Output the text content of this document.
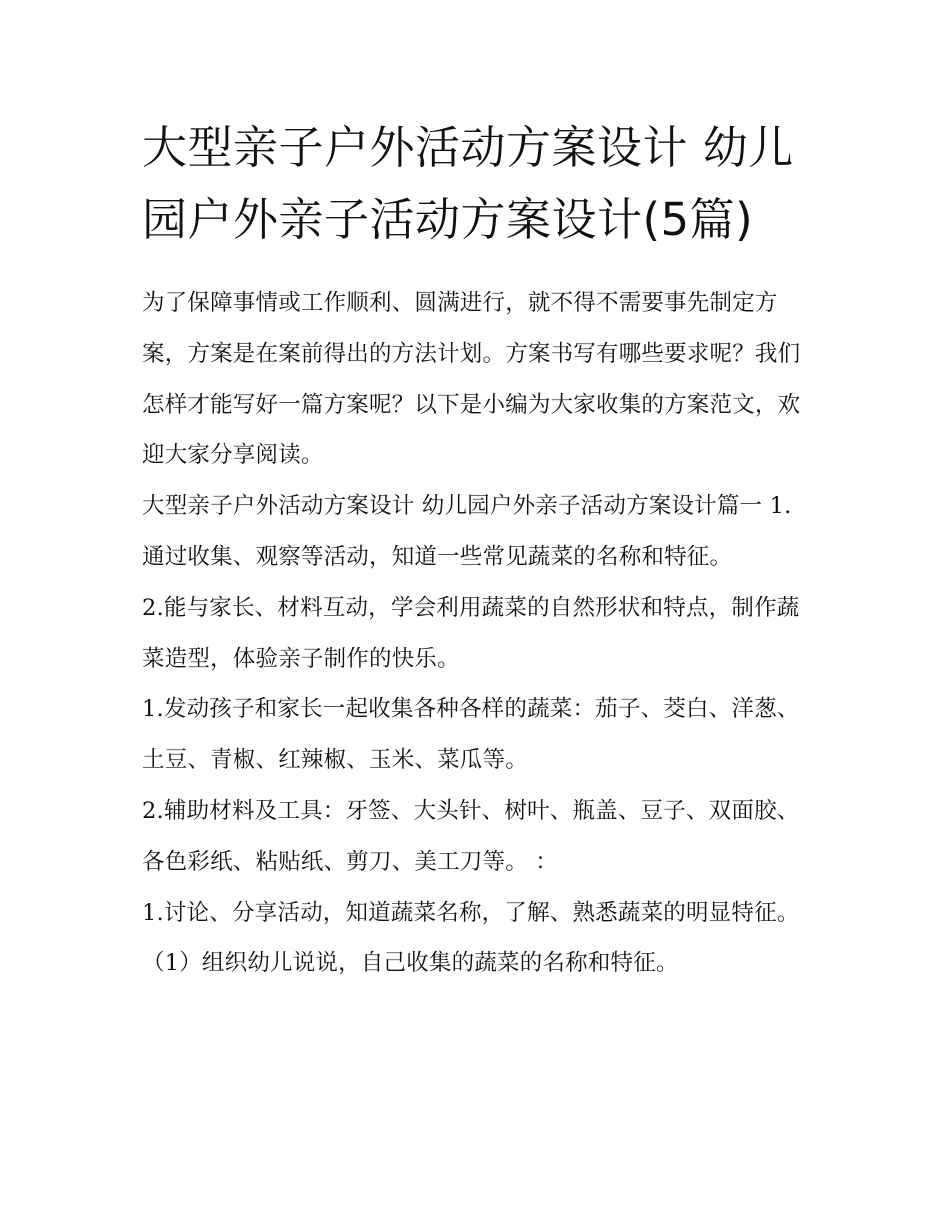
大型亲子户外活动方案设计 幼儿园户外亲子活动方案设计(5篇)

为了保障事情或工作顺利、圆满进行，就不得不需要事先制定方案，方案是在案前得出的方法计划。方案书写有哪些要求呢？我们怎样才能写好一篇方案呢？以下是小编为大家收集的方案范文，欢迎大家分享阅读。

大型亲子户外活动方案设计 幼儿园户外亲子活动方案设计篇一 1.通过收集、观察等活动，知道一些常见蔬菜的名称和特征。

2.能与家长、材料互动，学会利用蔬菜的自然形状和特点，制作蔬菜造型，体验亲子制作的快乐。

1.发动孩子和家长一起收集各种各样的蔬菜：茄子、茭白、洋葱、土豆、青椒、红辣椒、玉米、菜瓜等。

2.辅助材料及工具：牙签、大头针、树叶、瓶盖、豆子、双面胶、各色彩纸、粘贴纸、剪刀、美工刀等。 ：

1.讨论、分享活动，知道蔬菜名称，了解、熟悉蔬菜的明显特征。 （1）组织幼儿说说，自己收集的蔬菜的名称和特征。
